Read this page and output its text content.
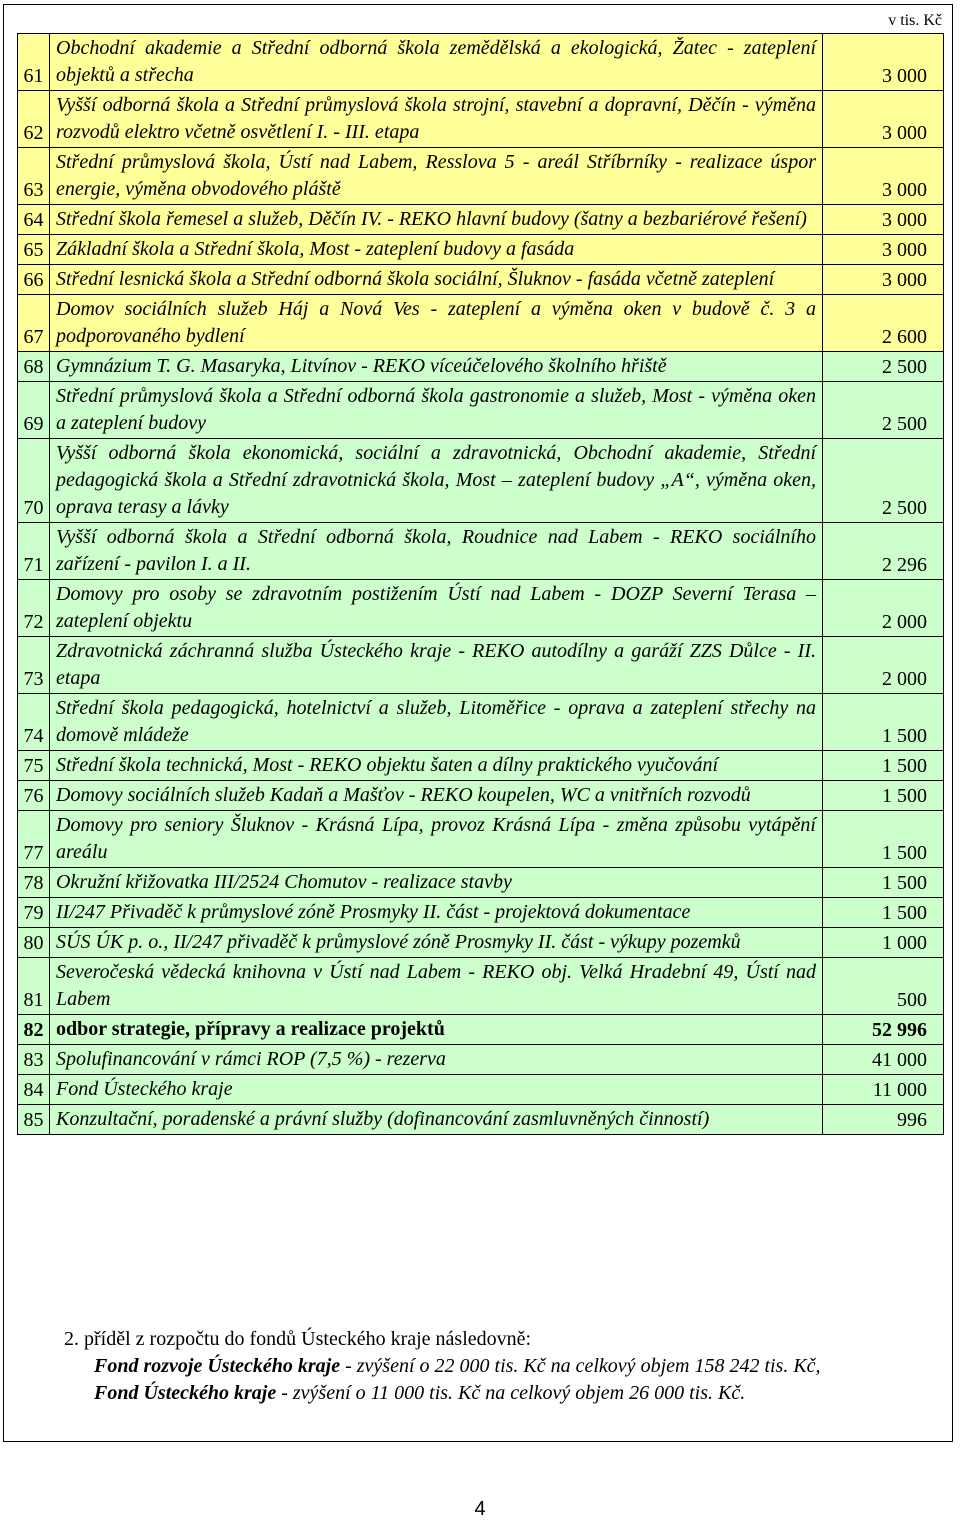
v tis. Kč
61	Obchodní akademie a Střední odborná škola zemědělská a ekologická, Žatec - zateplení objektů a střecha	3 000
62	Vyšší odborná škola a Střední průmyslová škola strojní, stavební a dopravní, Děčín - výměna rozvodů elektro včetně osvětlení I. - III. etapa	3 000
63	Střední průmyslová škola, Ústí nad Labem, Resslova 5 - areál Stříbrníky - realizace úspor energie, výměna obvodového pláště	3 000
64	Střední škola řemesel a služeb, Děčín IV. - REKO hlavní budovy (šatny a bezbariérové řešení)	3 000
65	Základní škola a Střední škola, Most - zateplení budovy a fasáda	3 000
66	Střední lesnická škola a Střední odborná škola sociální, Šluknov - fasáda včetně zateplení	3 000
67	Domov sociálních služeb Háj a Nová Ves - zateplení a výměna oken v budově č. 3 a podporovaného bydlení	2 600
68	Gymnázium T. G. Masaryka, Litvínov - REKO víceúčelového školního hřiště	2 500
69	Střední průmyslová škola a Střední odborná škola gastronomie a služeb, Most - výměna oken a zateplení budovy	2 500
70	Vyšší odborná škola ekonomická, sociální a zdravotnická, Obchodní akademie, Střední pedagogická škola a Střední zdravotnická škola, Most – zateplení budovy „A“, výměna oken, oprava terasy a lávky	2 500
71	Vyšší odborná škola a Střední odborná škola, Roudnice nad Labem - REKO sociálního zařízení - pavilon I. a II.	2 296
72	Domovy pro osoby se zdravotním postižením Ústí nad Labem - DOZP Severní Terasa – zateplení objektu	2 000
73	Zdravotnická záchranná služba Ústeckého kraje - REKO autodílny a garáží ZZS Důlce - II. etapa	2 000
74	Střední škola pedagogická, hotelnictví a služeb, Litoměřice - oprava a zateplení střechy na domově mládeže	1 500
75	Střední škola technická, Most - REKO objektu šaten a dílny praktického vyučování	1 500
76	Domovy sociálních služeb Kadaň a Mašťov - REKO koupelen, WC a vnitřních rozvodů	1 500
77	Domovy pro seniory Šluknov - Krásná Lípa, provoz Krásná Lípa - změna způsobu vytápění areálu	1 500
78	Okružní křižovatka III/2524 Chomutov - realizace stavby	1 500
79	II/247 Přivaděč k průmyslové zóně Prosmyky II. část - projektová dokumentace	1 500
80	SÚS ÚK p. o., II/247 přivaděč k průmyslové zóně Prosmyky II. část - výkupy pozemků	1 000
81	Severočeská vědecká knihovna v Ústí nad Labem - REKO obj. Velká Hradební 49, Ústí nad Labem	500
82	odbor strategie, přípravy a realizace projektů	52 996
83	Spolufinancování v rámci ROP (7,5 %) - rezerva	41 000
84	Fond Ústeckého kraje	11 000
85	Konzultační, poradenské a právní služby (dofinancování zasmluvněných činností)	996
2. příděl z rozpočtu do fondů Ústeckého kraje následovně:
Fond rozvoje Ústeckého kraje - zvýšení o 22 000 tis. Kč na celkový objem 158 242 tis. Kč,
Fond Ústeckého kraje - zvýšení o 11 000 tis. Kč na celkový objem 26 000 tis. Kč.
4
